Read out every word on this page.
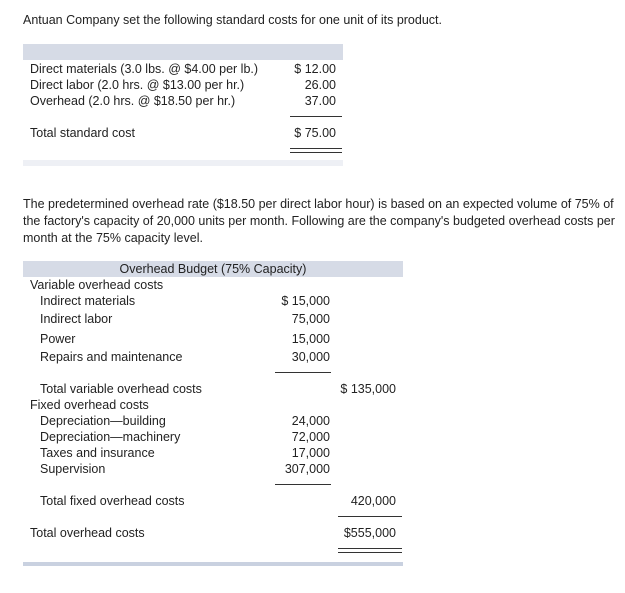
Antuan Company set the following standard costs for one unit of its product.
Direct materials (3.0 lbs. @ $4.00 per lb.)	$ 12.00
Direct labor (2.0 hrs. @ $13.00 per hr.)	26.00
Overhead (2.0 hrs. @ $18.50 per hr.)	37.00
Total standard cost	$ 75.00
The predetermined overhead rate ($18.50 per direct labor hour) is based on an expected volume of 75% of
the factory's capacity of 20,000 units per month. Following are the company's budgeted overhead costs per
month at the 75% capacity level.
Overhead Budget (75% Capacity)
Variable overhead costs
Indirect materials	$ 15,000
Indirect labor	75,000
Power	15,000
Repairs and maintenance	30,000
Total variable overhead costs	$ 135,000
Fixed overhead costs
Depreciation—building	24,000
Depreciation—machinery	72,000
Taxes and insurance	17,000
Supervision	307,000
Total fixed overhead costs	420,000
Total overhead costs	$555,000
